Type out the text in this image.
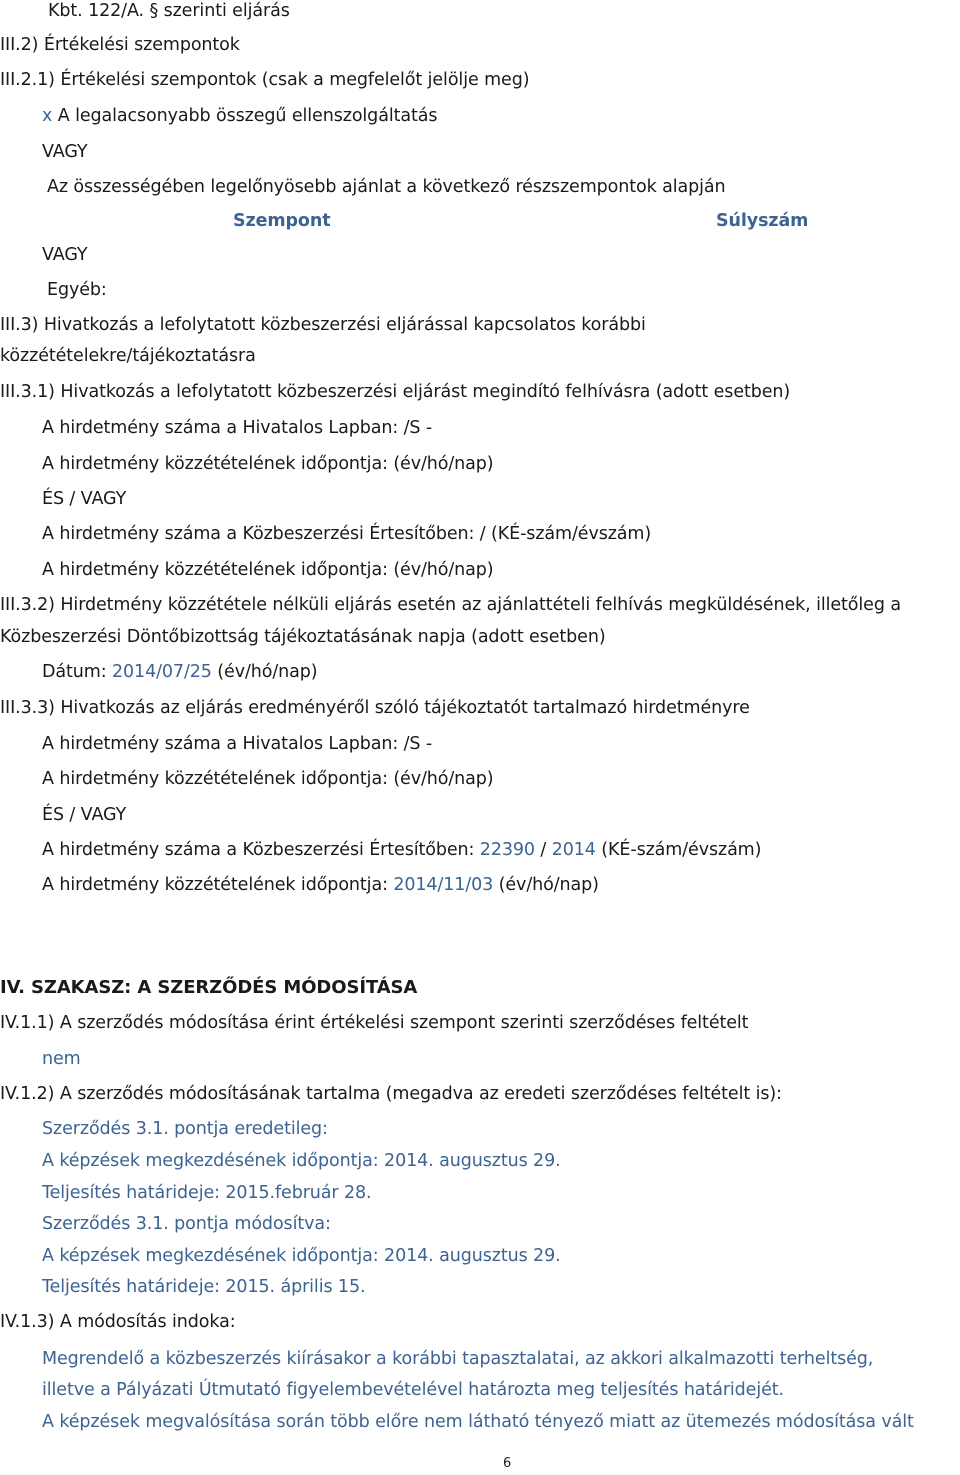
Kbt. 122/A. § szerinti eljárás
III.2) Értékelési szempontok
III.2.1) Értékelési szempontok (csak a megfelelőt jelölje meg)
x A legalacsonyabb összegű ellenszolgáltatás
VAGY
Az összességében legelőnyösebb ajánlat a következő részszempontok alapján
Szempont	Súlyszám
VAGY
Egyéb:
III.3) Hivatkozás a lefolytatott közbeszerzési eljárással kapcsolatos korábbi
közzétételekre/tájékoztatásra
III.3.1) Hivatkozás a lefolytatott közbeszerzési eljárást megindító felhívásra (adott esetben)
A hirdetmény száma a Hivatalos Lapban: /S -
A hirdetmény közzétételének időpontja: (év/hó/nap)
ÉS / VAGY
A hirdetmény száma a Közbeszerzési Értesítőben: / (KÉ-szám/évszám)
A hirdetmény közzétételének időpontja: (év/hó/nap)
III.3.2) Hirdetmény közzététele nélküli eljárás esetén az ajánlattételi felhívás megküldésének, illetőleg a
Közbeszerzési Döntőbizottság tájékoztatásának napja (adott esetben)
Dátum: 2014/07/25 (év/hó/nap)
III.3.3) Hivatkozás az eljárás eredményéről szóló tájékoztatót tartalmazó hirdetményre
A hirdetmény száma a Hivatalos Lapban: /S -
A hirdetmény közzétételének időpontja: (év/hó/nap)
ÉS / VAGY
A hirdetmény száma a Közbeszerzési Értesítőben: 22390 / 2014 (KÉ-szám/évszám)
A hirdetmény közzétételének időpontja: 2014/11/03 (év/hó/nap)
IV. SZAKASZ: A SZERZŐDÉS MÓDOSÍTÁSA
IV.1.1) A szerződés módosítása érint értékelési szempont szerinti szerződéses feltételt
nem
IV.1.2) A szerződés módosításának tartalma (megadva az eredeti szerződéses feltételt is):
Szerződés 3.1. pontja eredetileg:
A képzések megkezdésének időpontja: 2014. augusztus 29.
Teljesítés határideje: 2015.február 28.
Szerződés 3.1. pontja módosítva:
A képzések megkezdésének időpontja: 2014. augusztus 29.
Teljesítés határideje: 2015. április 15.
IV.1.3) A módosítás indoka:
Megrendelő a közbeszerzés kiírásakor a korábbi tapasztalatai, az akkori alkalmazotti terheltség,
illetve a Pályázati Útmutató figyelembevételével határozta meg teljesítés határidejét.
A képzések megvalósítása során több előre nem látható tényező miatt az ütemezés módosítása vált
6
